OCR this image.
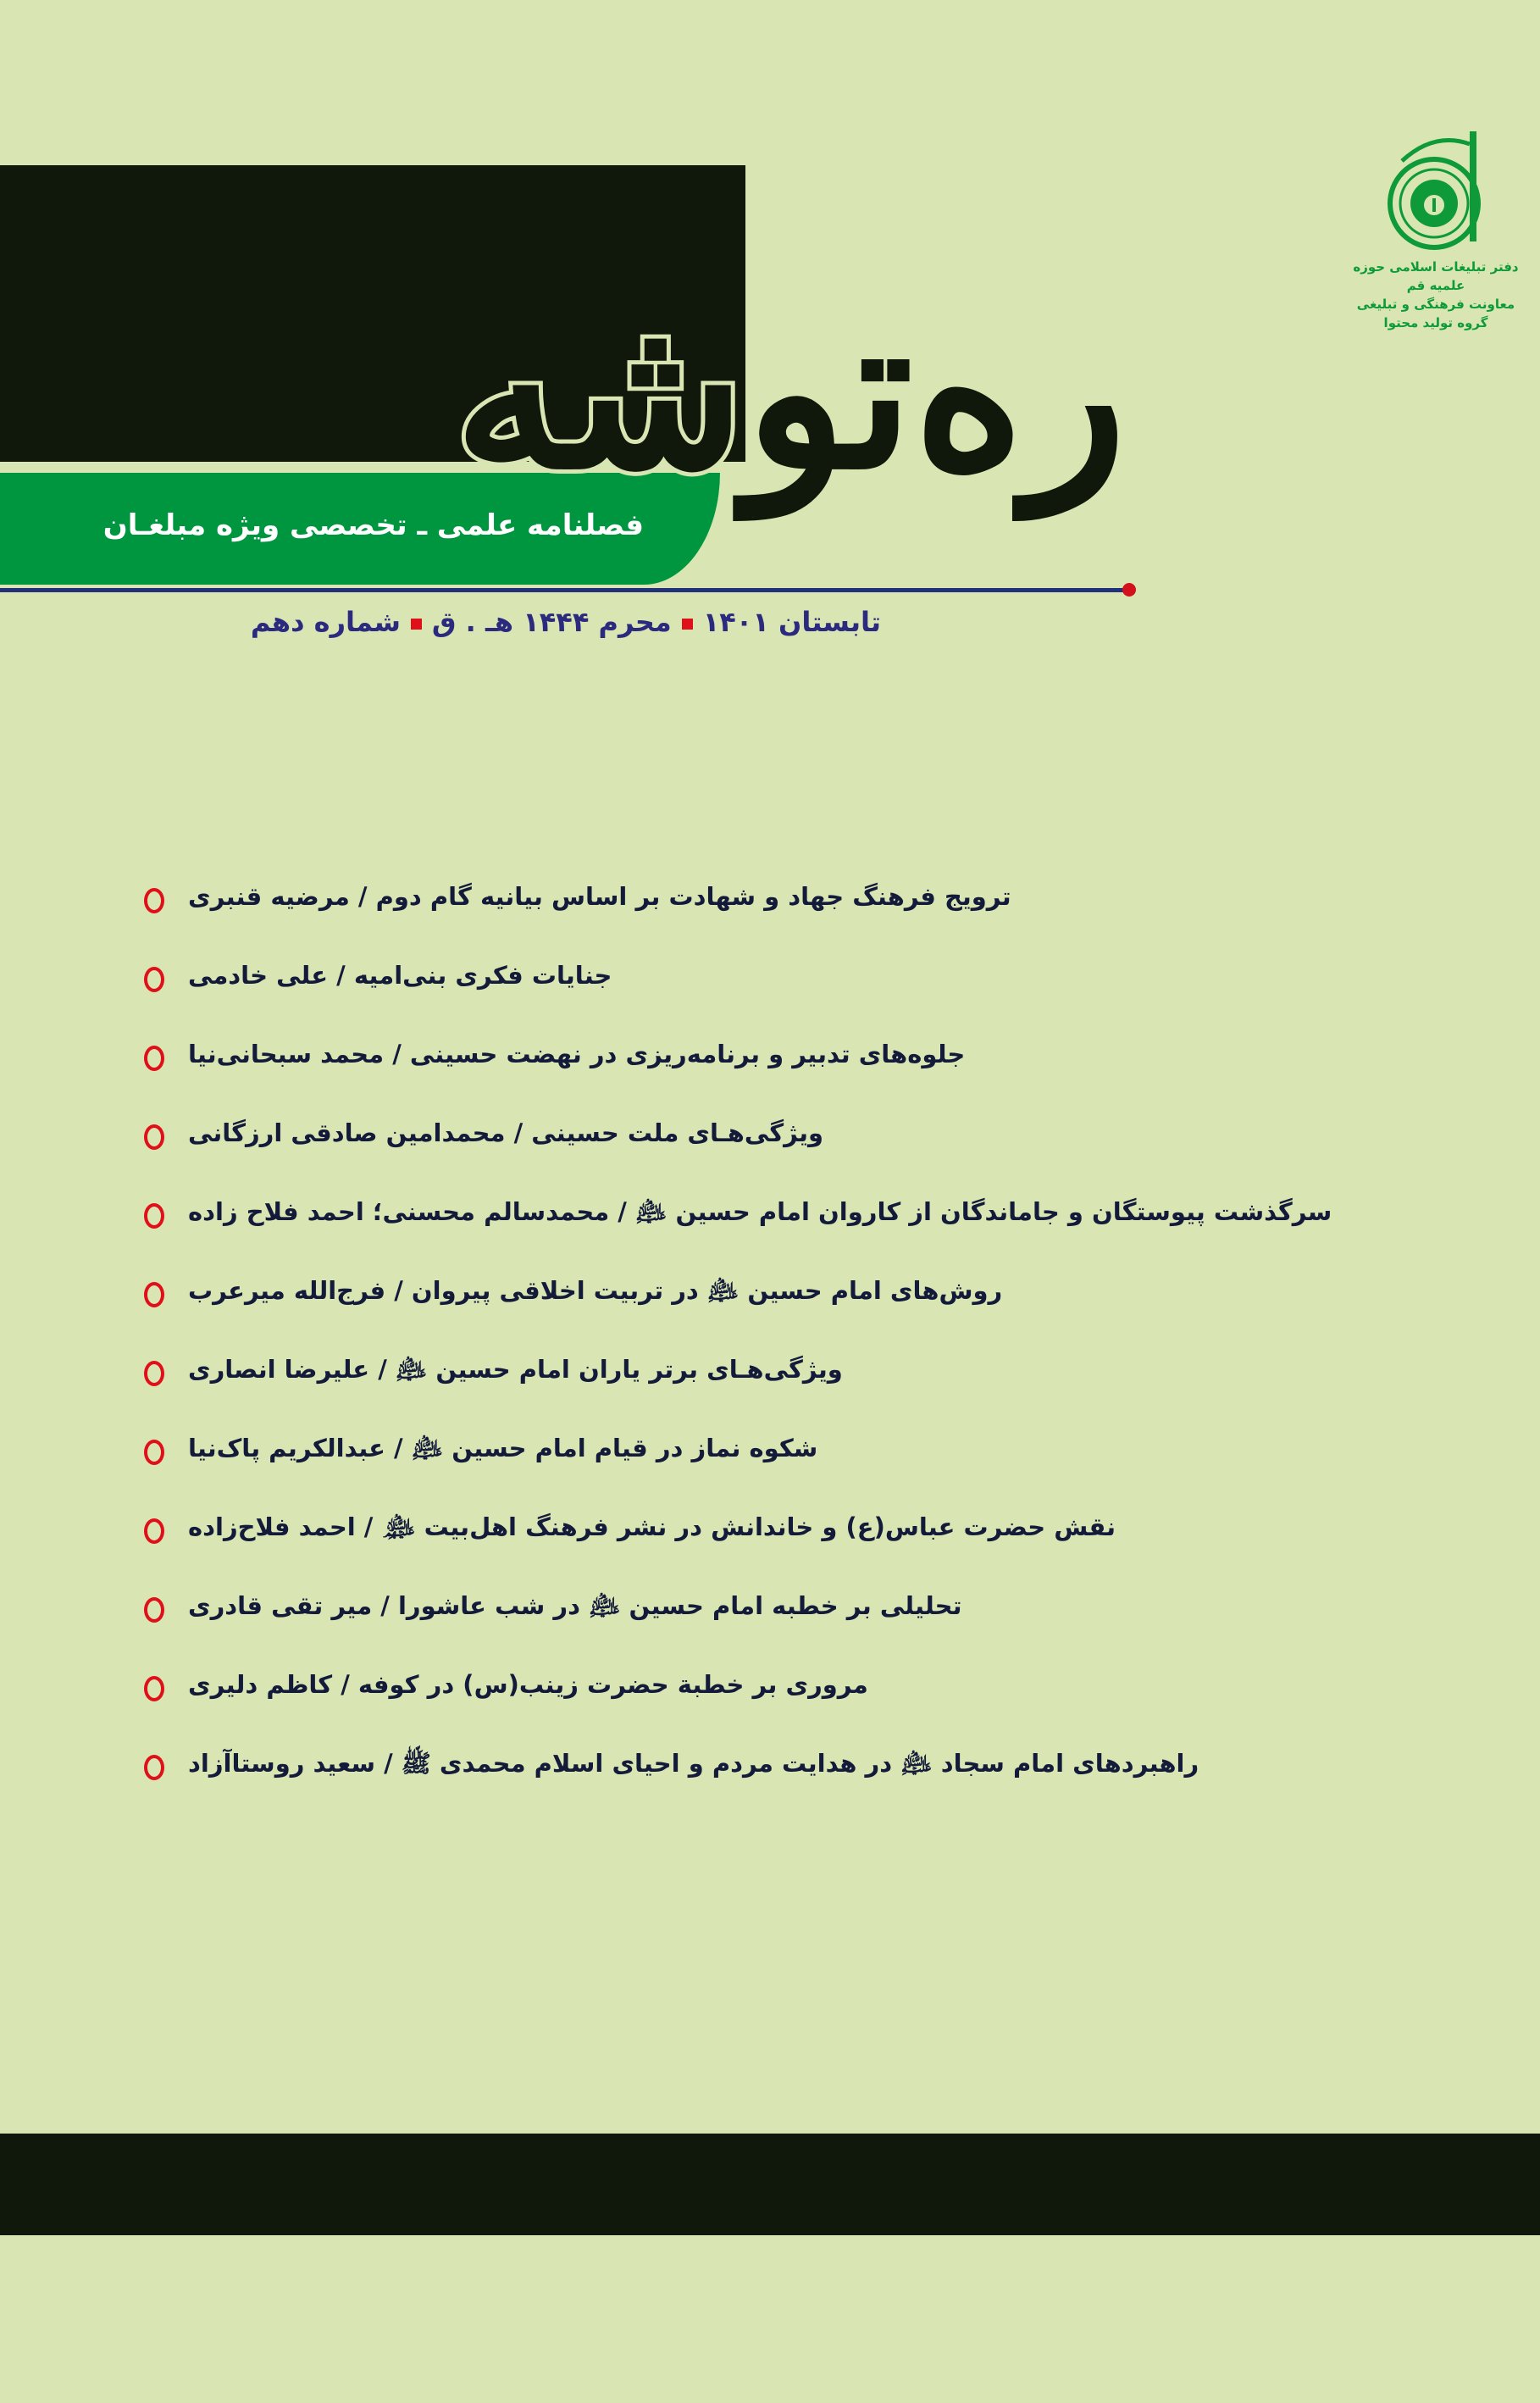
ره‌توشه
فصلنامه علمی ـ تخصصی ویژه مبلغـان
تابستان ۱۴۰۱محرم ۱۴۴۴ هـ . قشماره دهم
دفتر تبلیغات اسلامی حوزه علمیه قم
معاونت فرهنگی و تبلیغی
گروه تولید محتوا
ترویج فرهنگ جهاد و شهادت بر اساس بیانیه گام دوم / مرضیه قنبری
جنایات فکری بنی‌امیه / علی خادمی
جلوه‌های تدبیر و برنامه‌ریزی در نهضت حسینی / محمد سبحانی‌نیا
ویژگی‌هـای ملت حسینی / محمدامین صادقی ارزگانی
سرگذشت پیوستگان و جاماندگان از کاروان امام حسین ﵇ / محمدسالم محسنی؛ احمد فلاح زاده
روش‌های امام حسین ﵇ در تربیت اخلاقی پیروان / فرج‌الله میرعرب
ویژگی‌هـای برتر یاران امام حسین ﵇ / علیرضا انصاری
شکوه نماز در قیام امام حسین ﵇ / عبدالکریم پاک‌نیا
نقش حضرت عباس(ع) و خاندانش در نشر فرهنگ اهل‌بیت ﵈ / احمد فلاح‌زاده
تحلیلی بر خطبه امام حسین ﵇ در شب عاشورا / میر تقی قادری
مروری بر خطبة حضرت زینب(س) در کوفه / کاظم دلیری
راهبردهای امام سجاد ﵇ در هدایت مردم و احیای اسلام محمدی ﷺ / سعید روستاآزاد
